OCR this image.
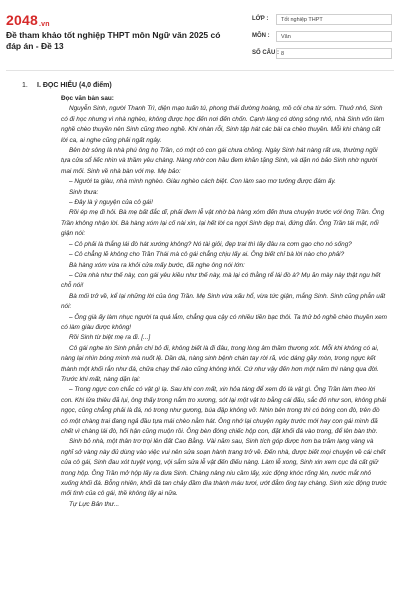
2048.vn
Đề tham khảo tốt nghiệp THPT môn Ngữ văn 2025 có đáp án - Đề 13
LỚP :	Tốt nghiệp THPT
MÔN :	Văn
SỐ CÂU : 8
1. I. ĐỌC HIỂU (4,0 điểm)

Đọc văn bản sau:

Nguyễn Sinh, người Thanh Trì, diện mạo tuấn tú, phong thái đường hoàng, mồ côi cha từ sớm. Thuở nhỏ, Sinh có đi học nhưng vì nhà nghèo, không được học đến nơi đến chốn. Cạnh làng có dòng sông nhỏ, nhà Sinh vốn làm nghề chèo thuyền nên Sinh cũng theo nghề. Khi nhàn rỗi, Sinh tập hát các bài ca chèo thuyền. Mỗi khi chàng cất lời ca, ai nghe cũng phải ngất ngây.

Bên bờ sông là nhà phú ông họ Trần, có một cô con gái chưa chồng. Ngày Sinh hát nàng rất ưa, thường ngồi tựa cửa sổ liếc nhìn và thầm yêu chàng. Nàng nhờ con hầu đem khăn tặng Sinh, và dặn nó bảo Sinh nhờ người mai mối. Sinh về nhà bàn với mẹ. Mẹ bảo:

– Người ta giàu, nhà mình nghèo. Giàu nghèo cách biệt. Con làm sao mơ tưởng được đám ấy.

Sinh thưa:

– Đây là ý nguyện của cô gái!

Rồi ép mẹ đi hỏi. Bà mẹ bất đắc dĩ, phải đem lễ vật nhờ bà hàng xóm đến thưa chuyện trước với ông Trần. Ông Trần không nhận lời. Bà hàng xóm lại cố nài xin, lại hết lời ca ngợi Sinh đẹp trai, đứng đắn. Ông Trần tái mặt, nổi giận nói:

– Cô phải là thắng lái đò hát xướng không? Nó tài giỏi, đẹp trai thì lấy đâu ra cơm gạo cho nó sống?

– Cô chẳng lẽ không cho Trần Thái mà cô gái chẳng chịu lấy ai. Ông biết chỉ bà lời nào cho phải?

Bà hàng xóm vừa ra khỏi cửa mấy bước, đã nghe ông nói lớn:

– Cửa nhà như thế này, con gái yêu kiều như thế này, mà lại có thằng rể lái đò à? Mụ ăn mày này thật ngu hết chỗ nói!

Bà mối trở về, kể lại những lời của ông Trần. Mẹ Sinh vừa xấu hổ, vừa tức giận, mắng Sinh. Sinh cũng phẫn uất nói:

– Ông già ấy làm nhục người ta quá lắm, chẳng qua cậy có nhiều tiền bạc thôi. Ta thử bỏ nghề chèo thuyền xem có làm giàu được không!

Rồi Sinh từ biệt mẹ ra đi. [...]

Cô gái nghe tin Sinh phẫn chí bỏ đi, không biết là đi đâu, trong lòng âm thầm thương xót. Mỗi khi không có ai, nàng lại nhìn bóng mình mà nuốt lệ. Dần dà, nàng sinh bệnh chán tay rời rã, vóc dáng gầy mòn, trong ngực kết thành một khối rắn như đá, chữa chạy thế nào cũng không khỏi. Cứ như vậy đến hơn một năm thì nàng qua đời. Trước khi mất, nàng dặn lại:

– Trong ngực con chắc có vật gì lạ. Sau khi con mất, xin hỏa táng để xem đó là vật gì. Ông Trần làm theo lời con. Khi lửa thiêu đã lụi, ông thấy trong nắm tro xương, sót lại một vật to bằng cái đấu, sắc đỏ như son, không phải ngọc, cũng chẳng phải là đá, nó trong như gương, búa đập không vỡ. Nhìn bên trong thì có bóng con đò, trên đò có một chàng trai đang ngả đầu tựa mái chèo nằm hát. Ông nhớ lại chuyện ngày trước mới hay con gái mình đã chết vì chàng lái đò, hối hận cũng muộn rồi. Ông bèn đóng chiếc hộp con, đặt khối đá vào trong, để lên bàn thờ.

Sinh bỏ nhà, một thân trơ trọi lên đất Cao Bằng. Vài năm sau, Sinh tích góp được hơn ba trăm lạng vàng và nghĩ sở vàng này đủ dùng vào việc vui nên sửa soạn hành trang trở về. Đến nhà, được biết mọi chuyện về cái chết của cô gái, Sinh đau xót tuyệt vọng, vội sắm sửa lễ vật đến điếu nàng. Làm lễ xong, Sinh xin xem cục đá cất giữ trong hộp. Ông Trần mở hộp lấy ra đưa Sinh. Chàng nâng niu cầm lấy, xúc động khóc rống lên, nước mắt nhỏ xuống khối đá. Bỗng nhiên, khối đá tan chảy đầm đìa thành máu tươi, ướt đẫm ống tay chàng. Sinh xúc động trước mối tình của cô gái, thề không lấy ai nữa.

Tự Lực Bản thư...
